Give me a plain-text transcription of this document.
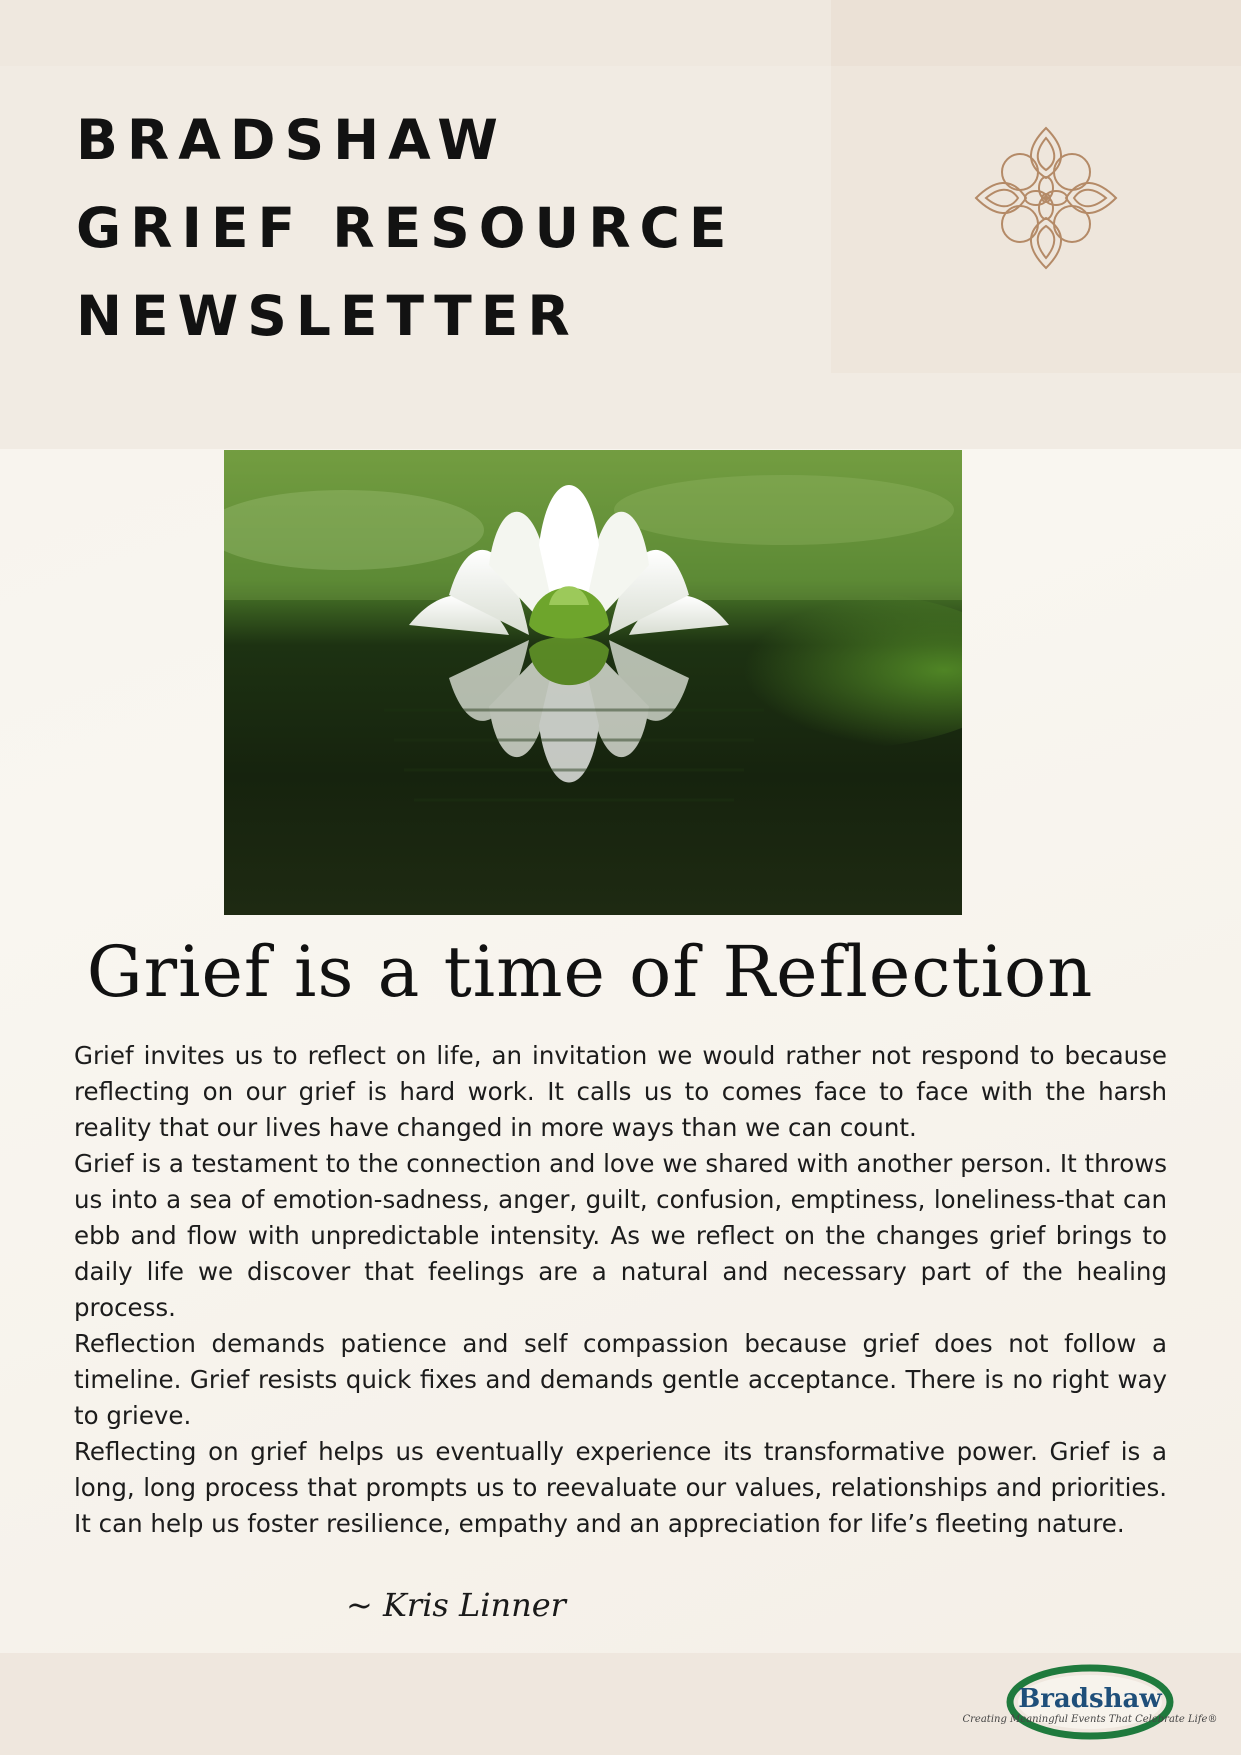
BRADSHAW
GRIEF RESOURCE
NEWSLETTER
Grief is a time of Reflection

Grief invites us to reflect on life, an invitation we would rather not respond to because reflecting on our grief is hard work. It calls us to comes face to face with the harsh reality that our lives have changed in more ways than we can count.

Grief is a testament to the connection and love we shared with another person. It throws us into a sea of emotion-sadness, anger, guilt, confusion, emptiness, loneliness-that can ebb and flow with unpredictable intensity. As we reflect on the changes grief brings to daily life we discover that feelings are a natural and necessary part of the healing process.

Reflection demands patience and self compassion because grief does not follow a timeline. Grief resists quick fixes and demands gentle acceptance. There is no right way to grieve.

Reflecting on grief helps us eventually experience its transformative power. Grief is a long, long process that prompts us to reevaluate our values, relationships and priorities. It can help us foster resilience, empathy and an appreciation for life’s fleeting nature.

~ Kris Linner
Bradshaw
Creating Meaningful Events That Celebrate Life®
